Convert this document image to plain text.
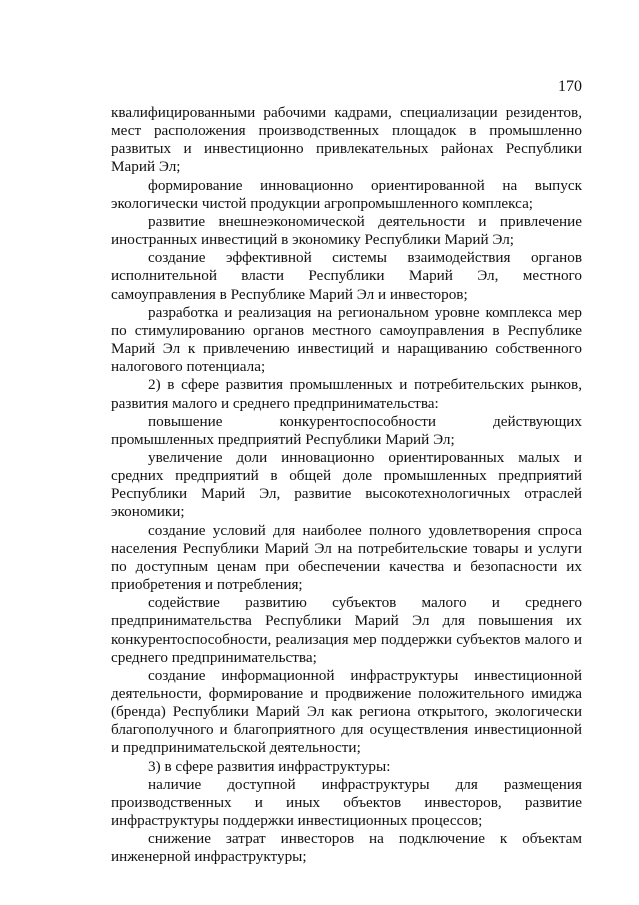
170

квалифицированными рабочими кадрами, специализации резидентов, мест расположения производственных площадок в промышленно развитых и инвестиционно привлекательных районах Республики Марий Эл;

формирование инновационно ориентированной на выпуск экологически чистой продукции агропромышленного комплекса;

развитие внешнеэкономической деятельности и привлечение иностранных инвестиций в экономику Республики Марий Эл;

создание эффективной системы взаимодействия органов исполнительной власти Республики Марий Эл, местного самоуправления в Республике Марий Эл и инвесторов;

разработка и реализация на региональном уровне комплекса мер по стимулированию органов местного самоуправления в Республике Марий Эл к привлечению инвестиций и наращиванию собственного налогового потенциала;

2) в сфере развития промышленных и потребительских рынков, развития малого и среднего предпринимательства:

повышение конкурентоспособности действующих промышленных предприятий Республики Марий Эл;

увеличение доли инновационно ориентированных малых и средних предприятий в общей доле промышленных предприятий Республики Марий Эл, развитие высокотехнологичных отраслей экономики;

создание условий для наиболее полного удовлетворения спроса населения Республики Марий Эл на потребительские товары и услуги по доступным ценам при обеспечении качества и безопасности их приобретения и потребления;

содействие развитию субъектов малого и среднего предпринимательства Республики Марий Эл для повышения их конкурентоспособности, реализация мер поддержки субъектов малого и среднего предпринимательства;

создание информационной инфраструктуры инвестиционной деятельности, формирование и продвижение положительного имиджа (бренда) Республики Марий Эл как региона открытого, экологически благополучного и благоприятного для осуществления инвестиционной и предпринимательской деятельности;

3) в сфере развития инфраструктуры:

наличие доступной инфраструктуры для размещения производственных и иных объектов инвесторов, развитие инфраструктуры поддержки инвестиционных процессов;

снижение затрат инвесторов на подключение к объектам инженерной инфраструктуры;
